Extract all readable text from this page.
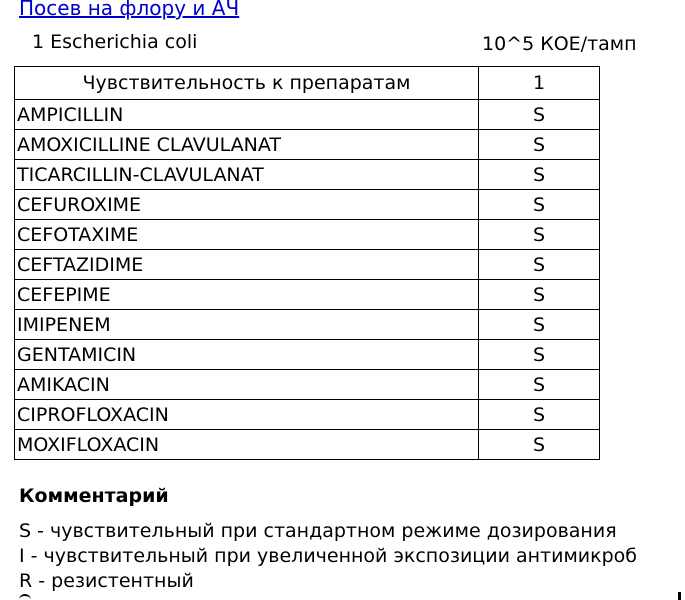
Посев на флору и АЧ
1 Escherichia coli	10^5 КОЕ/тамп
Чувствительность к препаратам	1
AMPICILLIN	S
AMOXICILLINE CLAVULANAT	S
TICARCILLIN-CLAVULANAT	S
CEFUROXIME	S
CEFOTAXIME	S
CEFTAZIDIME	S
CEFEPIME	S
IMIPENEM	S
GENTAMICIN	S
AMIKACIN	S
CIPROFLOXACIN	S
MOXIFLOXACIN	S
Комментарий
S - чувствительный при стандартном режиме дозирования
I - чувствительный при увеличенной экспозиции антимикроб
R - резистентный
